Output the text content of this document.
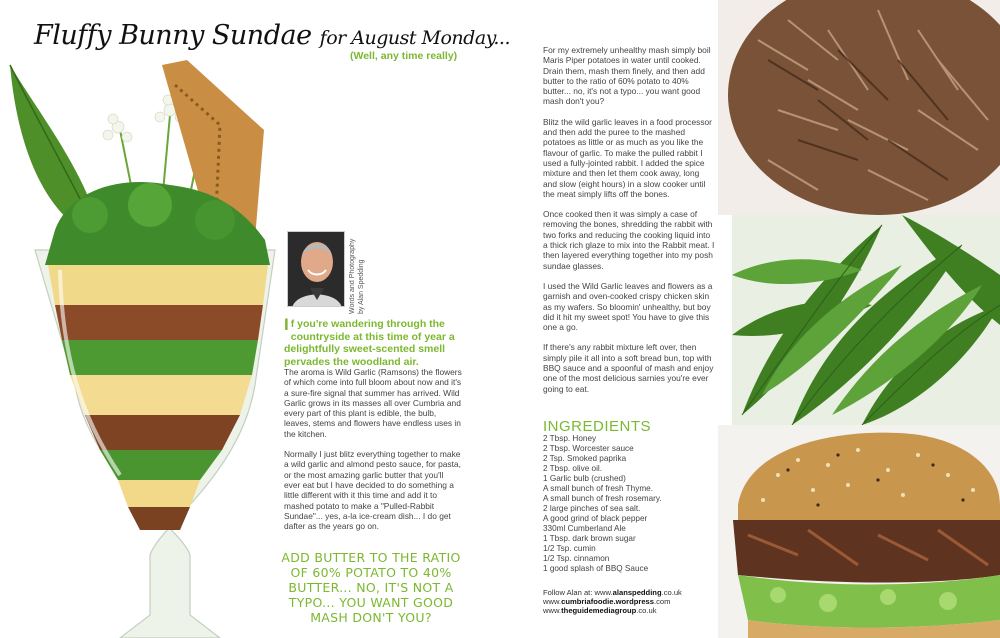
Fluffy Bunny Sundae for August Monday...
(Well, any time really)
Words and Photography by Alan Spedding
If you're wandering through the countryside at this time of year a delightfully sweet-scented smell pervades the woodland air.

The aroma is Wild Garlic (Ramsons) the flowers of which come into full bloom about now and it's a sure-fire signal that summer has arrived. Wild Garlic grows in its masses all over Cumbria and every part of this plant is edible, the bulb, leaves, stems and flowers have endless uses in the kitchen.

Normally I just blitz everything together to make a wild garlic and almond pesto sauce, for pasta, or the most amazing garlic butter that you'll ever eat but I have decided to do something a little different with it this time and add it to mashed potato to make a "Pulled-Rabbit Sundae"... yes, a-la ice-cream dish... I do get dafter as the years go on.

ADD BUTTER TO THE RATIO OF 60% POTATO TO 40% BUTTER... NO, IT'S NOT A TYPO... YOU WANT GOOD MASH DON'T YOU?

For my extremely unhealthy mash simply boil Maris Piper potatoes in water until cooked. Drain them, mash them finely, and then add butter to the ratio of 60% potato to 40% butter... no, it's not a typo... you want good mash don't you?

Blitz the wild garlic leaves in a food processor and then add the puree to the mashed potatoes as little or as much as you like the flavour of garlic. To make the pulled rabbit I used a fully-jointed rabbit. I added the spice mixture and then let them cook away, long and slow (eight hours) in a slow cooker until the meat simply lifts off the bones.

Once cooked then it was simply a case of removing the bones, shredding the rabbit with two forks and reducing the cooking liquid into a thick rich glaze to mix into the Rabbit meat. I then layered everything together into my posh sundae glasses.

I used the Wild Garlic leaves and flowers as a garnish and oven-cooked crispy chicken skin as my wafers. So bloomin' unhealthy, but boy did it hit my sweet spot! You have to give this one a go.

If there's any rabbit mixture left over, then simply pile it all into a soft bread bun, top with BBQ sauce and a spoonful of mash and enjoy one of the most delicious sarnies you're ever going to eat.

INGREDIENTS
2 Tbsp. Honey
2 Tbsp. Worcester sauce
2 Tsp. Smoked paprika
2 Tbsp. olive oil.
1 Garlic bulb (crushed)
A small bunch of fresh Thyme.
A small bunch of fresh rosemary.
2 large pinches of sea salt.
A good grind of black pepper
330ml Cumberland Ale
1 Tbsp. dark brown sugar
1/2 Tsp. cumin
1/2 Tsp. cinnamon
1 good splash of BBQ Sauce
Follow Alan at: www.alanspedding.co.uk
www.cumbriafoodie.wordpress.com
www.theguidemediagroup.co.uk
